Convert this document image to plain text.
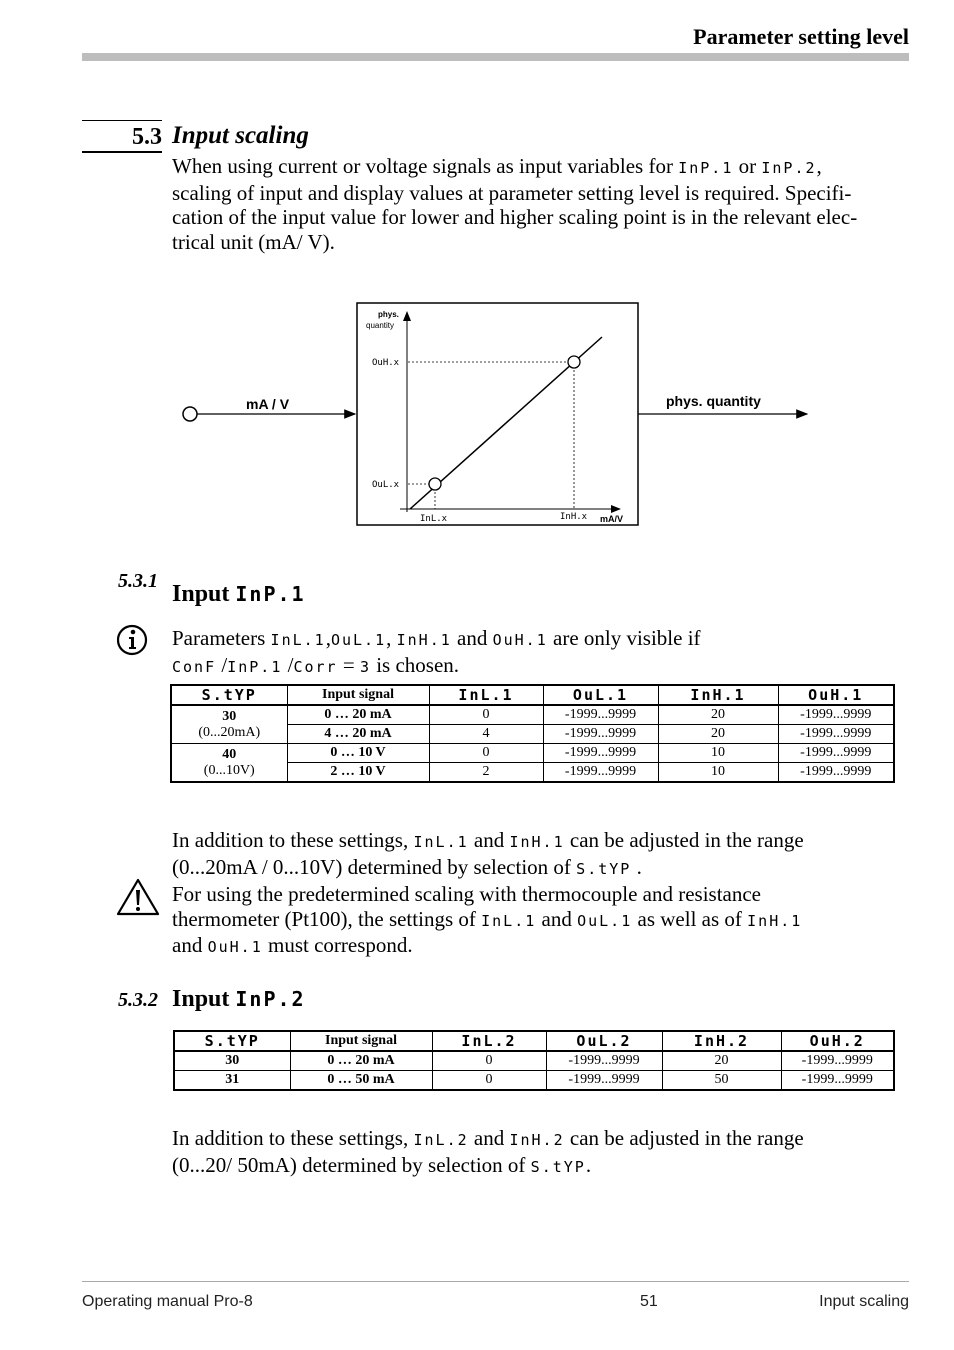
Parameter setting level
5.3 Input scaling
When using current or voltage signals as input variables for InP.1 or InP.2,
scaling of input and display values at parameter setting level is required. Specifi-
cation of the input value for lower and higher scaling point is in the relevant elec-
trical unit (mA/ V).
mA / V	phys. quantity
phys.
quantity
mA/V
OuH.x
OuL.x
InL.x	InH.x
5.3.1 Input InP.1
Parameters InL.1,OuL.1, InH.1 and OuH.1 are only visible if
ConF /InP.1 /Corr = 3 is chosen.
S.tYP	Input signal	InL.1	OuL.1	InH.1	OuH.1

30
(0...20mA)	0 … 20 mA	0	-1999...9999	20	-1999...9999
	4 … 20 mA	4	-1999...9999	20	-1999...9999

40
(0...10V)	0 … 10 V	0	-1999...9999	10	-1999...9999
	2 … 10 V	2	-1999...9999	10	-1999...9999
In addition to these settings, InL.1 and InH.1 can be adjusted in the range
(0...20mA / 0...10V) determined by selection of S.tYP .
For using the predetermined scaling with thermocouple and resistance
thermometer (Pt100), the settings of InL.1 and OuL.1 as well as of InH.1
and OuH.1 must correspond.
5.3.2 Input InP.2
S.tYP	Input signal	InL.2	OuL.2	InH.2	OuH.2
30	0 … 20 mA	0	-1999...9999	20	-1999...9999
31	0 … 50 mA	0	-1999...9999	50	-1999...9999
In addition to these settings, InL.2 and InH.2 can be adjusted in the range
(0...20/ 50mA) determined by selection of S.tYP.
Operating manual Pro-8	51	Input scaling
